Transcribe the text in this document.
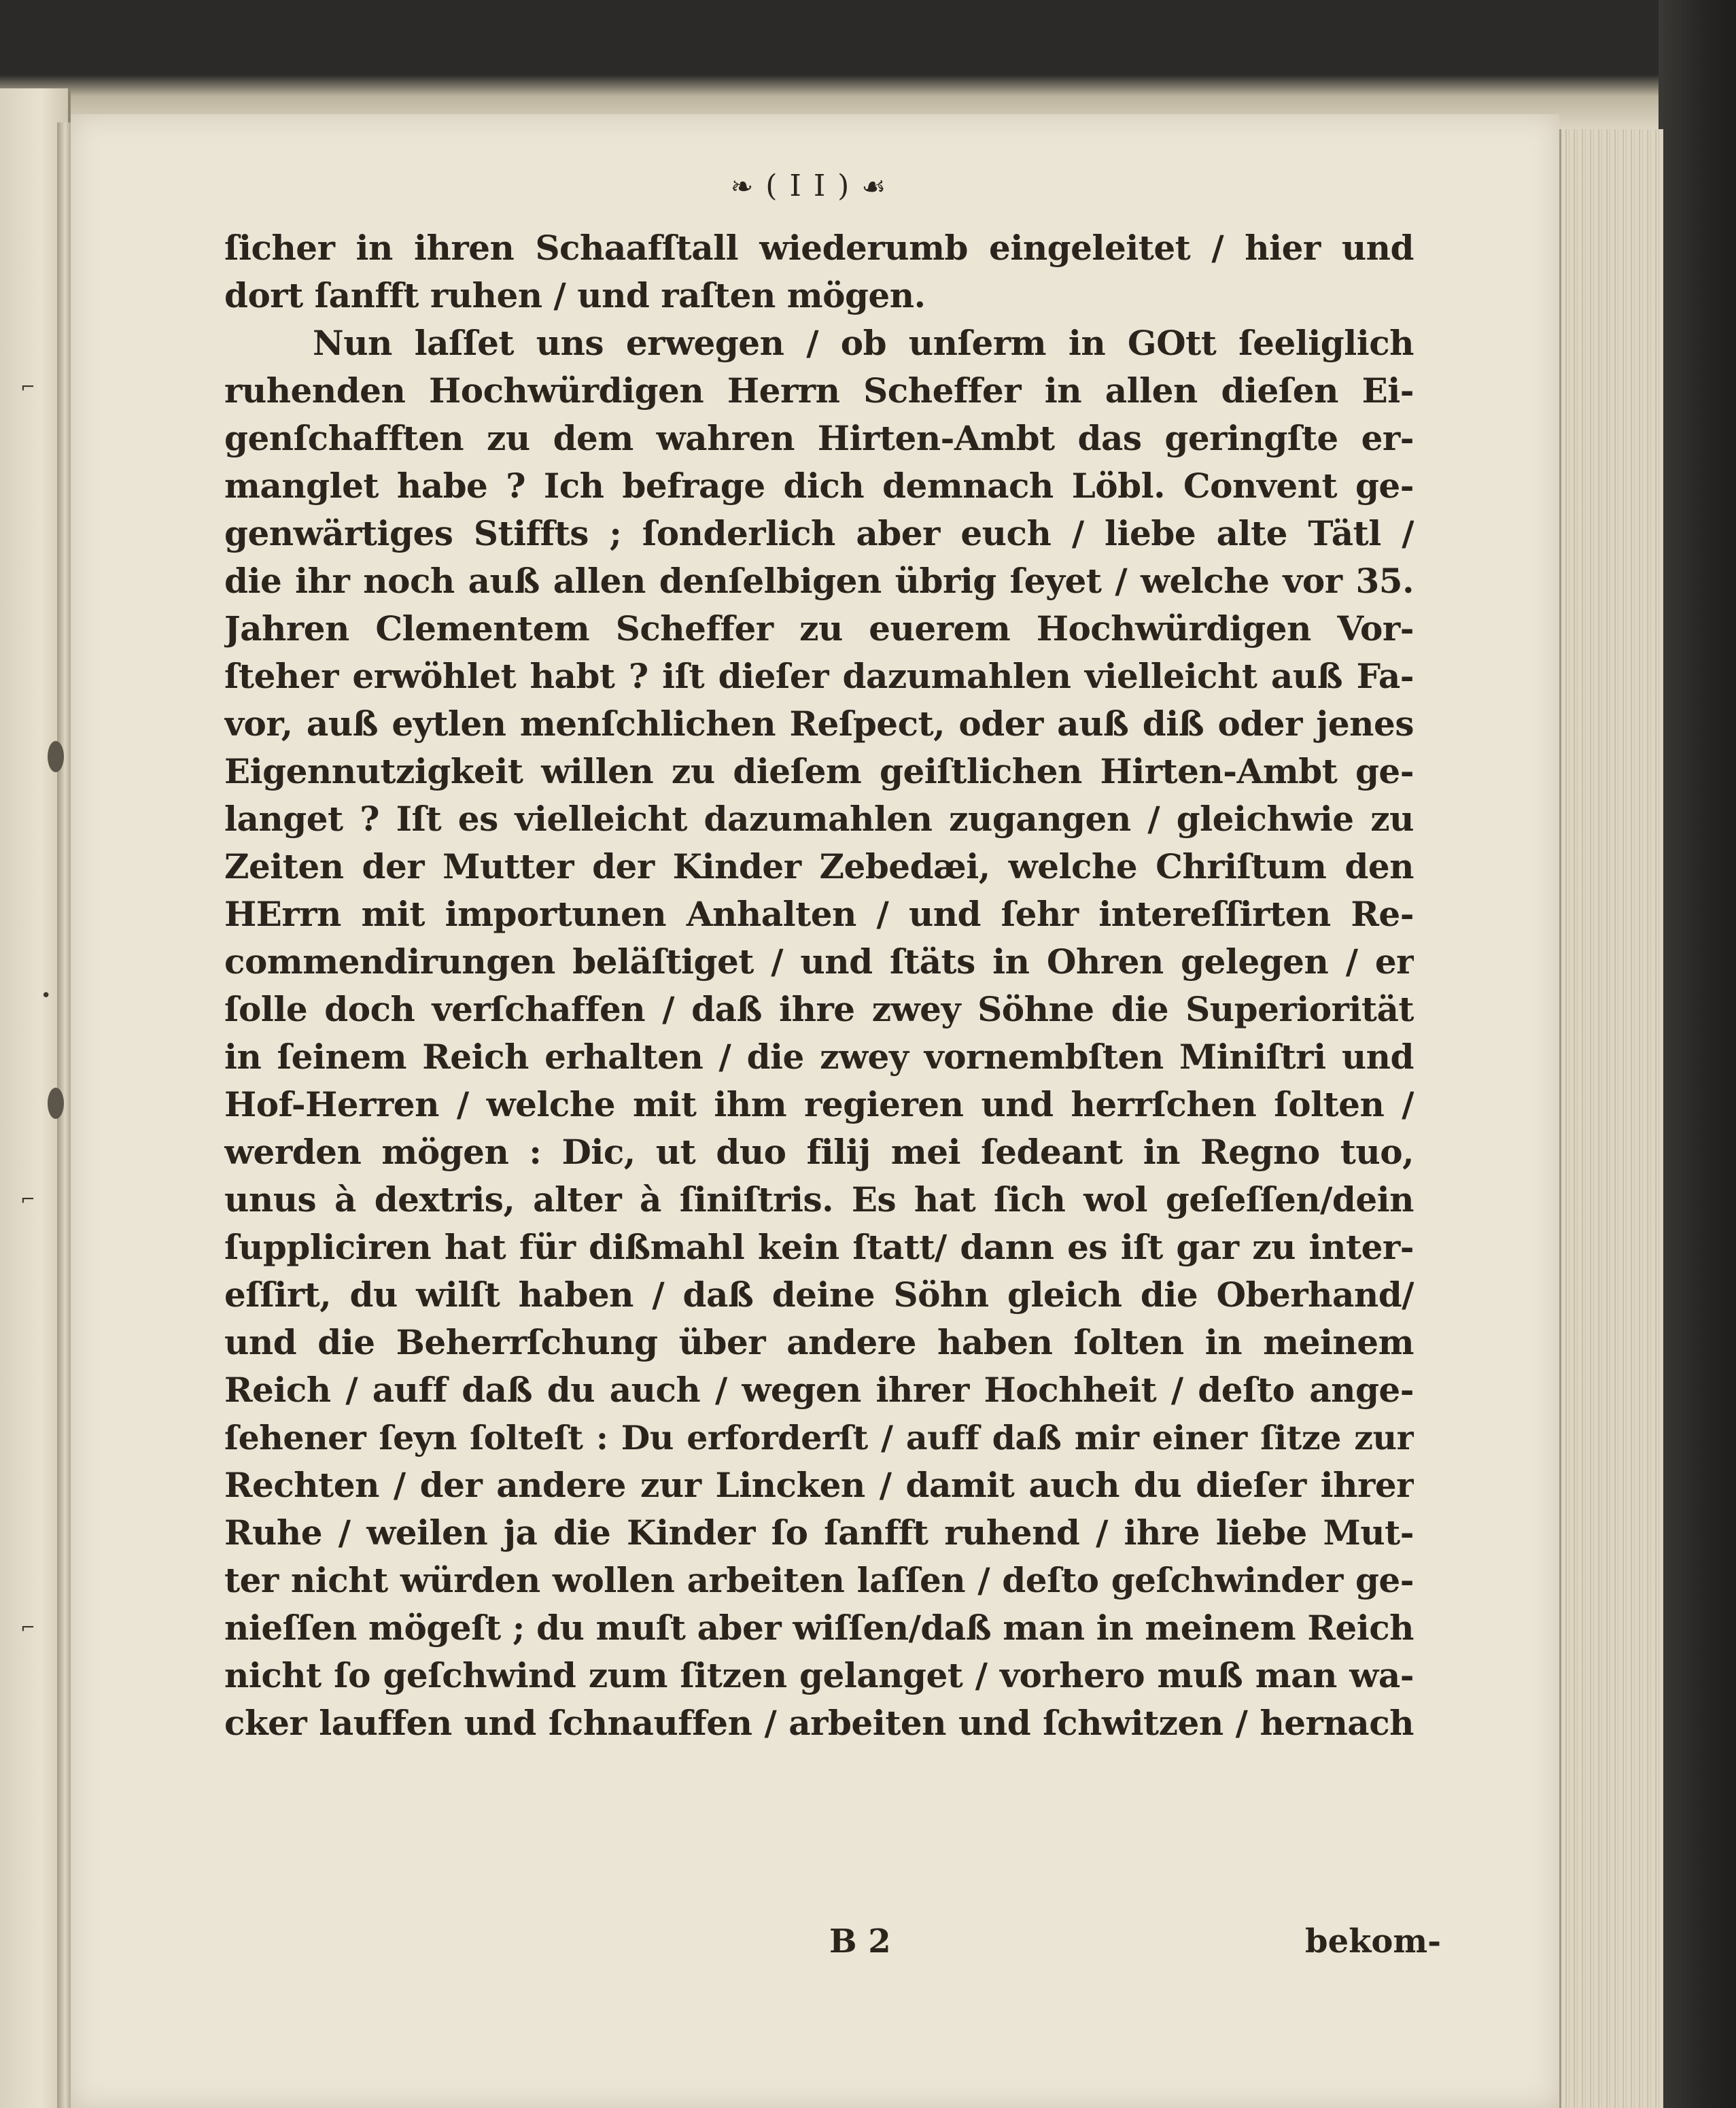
⌐
•
⌐
⌐
❧ ( I I ) ☙
ſicher in ihren Schaafſtall wiederumb eingeleitet / hier und
dort ſanfft ruhen / und raſten mögen.
Nun laſſet uns erwegen / ob unſerm in GOtt ſeeliglich
ruhenden Hochwürdigen Herrn Scheffer in allen dieſen Ei-
genſchafften zu dem wahren Hirten-Ambt das geringſte er-
manglet habe ? Ich befrage dich demnach Löbl. Convent ge-
genwärtiges Stiffts ; ſonderlich aber euch / liebe alte Tätl /
die ihr noch auß allen denſelbigen übrig ſeyet / welche vor 35.
Jahren Clementem Scheffer zu euerem Hochwürdigen Vor-
ſteher erwöhlet habt ? iſt dieſer dazumahlen vielleicht auß Fa-
vor, auß eytlen menſchlichen Reſpect, oder auß diß oder jenes
Eigennutzigkeit willen zu dieſem geiſtlichen Hirten-Ambt ge-
langet ? Iſt es vielleicht dazumahlen zugangen / gleichwie zu
Zeiten der Mutter der Kinder Zebedæi, welche Chriſtum den
HErrn mit importunen Anhalten / und ſehr intereſſirten Re-
commendirungen beläſtiget / und ſtäts in Ohren gelegen / er
ſolle doch verſchaffen / daß ihre zwey Söhne die Superiorität
in ſeinem Reich erhalten / die zwey vornembſten Miniſtri und
Hof-Herren / welche mit ihm regieren und herrſchen ſolten /
werden mögen : Dic, ut duo filij mei ſedeant in Regno tuo,
unus à dextris, alter à ſiniſtris. Es hat ſich wol geſeſſen/dein
ſuppliciren hat für dißmahl kein ſtatt/ dann es iſt gar zu inter-
eſſirt, du wilſt haben / daß deine Söhn gleich die Oberhand/
und die Beherrſchung über andere haben ſolten in meinem
Reich / auff daß du auch / wegen ihrer Hochheit / deſto ange-
ſehener ſeyn ſolteſt : Du erforderſt / auff daß mir einer ſitze zur
Rechten / der andere zur Lincken / damit auch du dieſer ihrer
Ruhe / weilen ja die Kinder ſo ſanfft ruhend / ihre liebe Mut-
ter nicht würden wollen arbeiten laſſen / deſto geſchwinder ge-
nieſſen mögeſt ; du muſt aber wiſſen/daß man in meinem Reich
nicht ſo geſchwind zum ſitzen gelanget / vorhero muß man wa-
cker lauffen und ſchnauffen / arbeiten und ſchwitzen / hernach
B 2	bekom-
